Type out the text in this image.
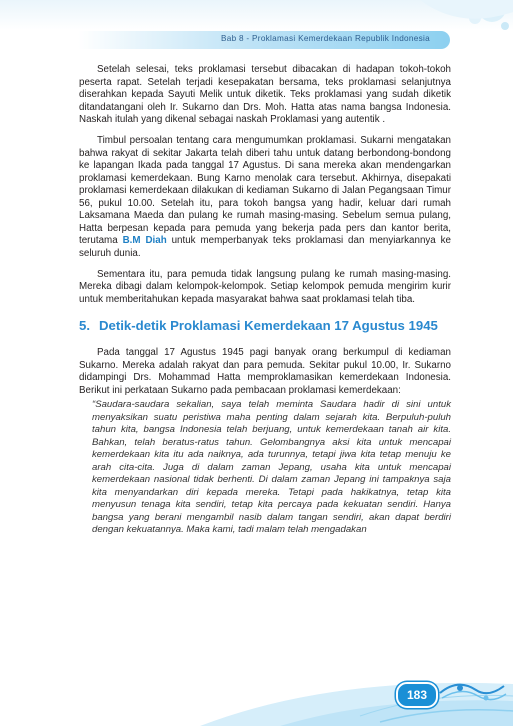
Bab 8 - Proklamasi Kemerdekaan Republik Indonesia

Setelah selesai, teks proklamasi tersebut dibacakan di hadapan tokoh-tokoh peserta rapat. Setelah terjadi kesepakatan bersama, teks proklamasi selanjutnya diserahkan kepada Sayuti Melik untuk diketik. Teks proklamasi yang sudah diketik ditandatangani oleh Ir. Sukarno dan Drs. Moh. Hatta atas nama bangsa Indonesia. Naskah itulah yang dikenal sebagai naskah Proklamasi yang autentik .

Timbul persoalan tentang cara mengumumkan proklamasi. Sukarni mengatakan bahwa rakyat di sekitar Jakarta telah diberi tahu untuk datang berbondong-bondong ke lapangan Ikada pada tanggal 17 Agustus. Di sana mereka akan mendengarkan proklamasi kemerdekaan. Bung Karno menolak cara tersebut. Akhirnya, disepakati proklamasi kemerdekaan dilakukan di kediaman Sukarno di Jalan Pegangsaan Timur 56, pukul 10.00. Setelah itu, para tokoh bangsa yang hadir, keluar dari rumah Laksamana Maeda dan pulang ke rumah masing-masing. Sebelum semua pulang, Hatta berpesan kepada para pemuda yang bekerja pada pers dan kantor berita, terutama B.M Diah untuk memperbanyak teks proklamasi dan menyiarkannya ke seluruh dunia.

Sementara itu, para pemuda tidak langsung pulang ke rumah masing-masing. Mereka dibagi dalam kelompok-kelompok. Setiap kelompok pemuda mengirim kurir untuk memberitahukan kepada masyarakat bahwa saat proklamasi telah tiba.

5. Detik-detik Proklamasi Kemerdekaan 17 Agustus 1945

Pada tanggal 17 Agustus 1945 pagi banyak orang berkumpul di kediaman Sukarno. Mereka adalah rakyat dan para pemuda. Sekitar pukul 10.00, Ir. Sukarno didampingi Drs. Mohammad Hatta memproklamasikan kemerdekaan Indonesia. Berikut ini perkataan Sukarno pada pembacaan proklamasi kemerdekaan:

“Saudara-saudara sekalian, saya telah meminta Saudara hadir di sini untuk menyaksikan suatu peristiwa maha penting dalam sejarah kita. Berpuluh-puluh tahun kita, bangsa Indonesia telah berjuang, untuk kemerdekaan tanah air kita. Bahkan, telah beratus-ratus tahun. Gelombangnya aksi kita untuk mencapai kemerdekaan kita itu ada naiknya, ada turunnya, tetapi jiwa kita tetap menuju ke arah cita-cita. Juga di dalam zaman Jepang, usaha kita untuk mencapai kemerdekaan nasional tidak berhenti. Di dalam zaman Jepang ini tampaknya saja kita menyandarkan diri kepada mereka. Tetapi pada hakikatnya, tetap kita menyusun tenaga kita sendiri, tetap kita percaya pada kekuatan sendiri. Hanya bangsa yang berani mengambil nasib dalam tangan sendiri, akan dapat berdiri dengan kekuatannya. Maka kami, tadi malam telah mengadakan
183
